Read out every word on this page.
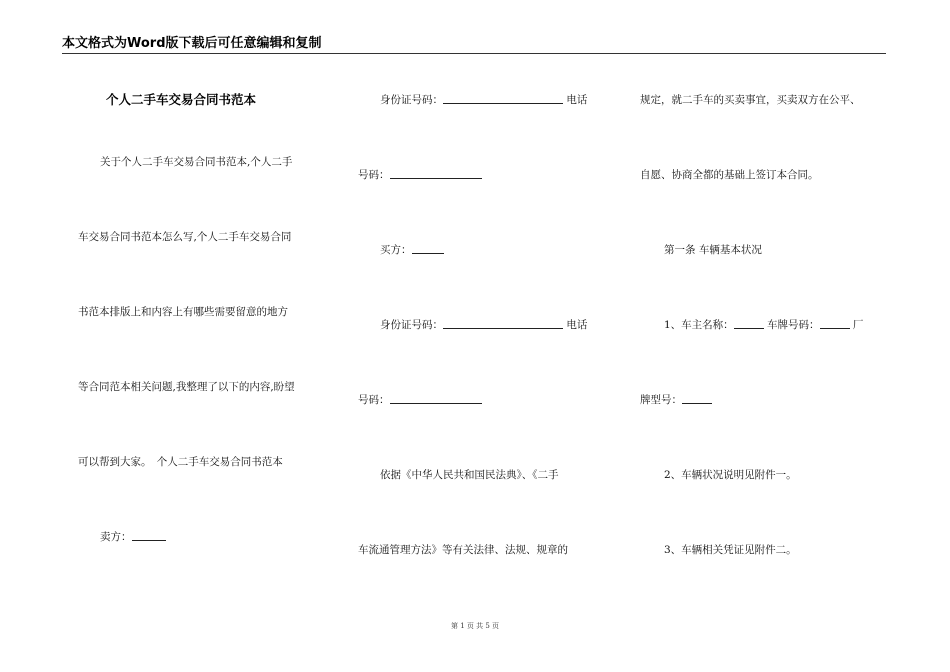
本文格式为Word版下载后可任意编辑和复制
个人二手车交易合同书范本
关于个人二手车交易合同书范本,个人二手
车交易合同书范本怎么写,个人二手车交易合同
书范本排版上和内容上有哪些需要留意的地方
等合同范本相关问题,我整理了以下的内容,盼望
可以帮到大家。　个人二手车交易合同书范本
卖方：
身份证号码：	电话
号码：
买方：
身份证号码：	电话
号码：
依据《中华人民共和国民法典》、《二手
车流通管理方法》等有关法律、法规、规章的
规定，就二手车的买卖事宜，买卖双方在公平、
自愿、协商全都的基础上签订本合同。
第一条 车辆基本状况
1、车主名称：	车牌号码：	厂
牌型号：
2、车辆状况说明见附件一。
3、车辆相关凭证见附件二。
第 1 页 共 5 页
